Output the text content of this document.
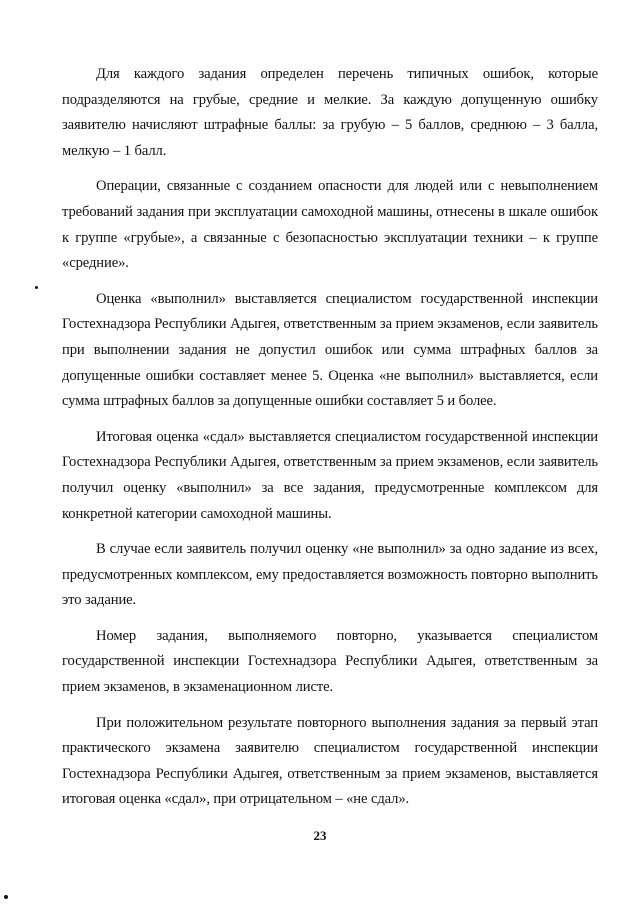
Для каждого задания определен перечень типичных ошибок, которые подразделяются на грубые, средние и мелкие. За каждую допущенную ошибку заявителю начисляют штрафные баллы: за грубую – 5 баллов, среднюю – 3 балла, мелкую – 1 балл.

Операции, связанные с созданием опасности для людей или с невыполнением требований задания при эксплуатации самоходной машины, отнесены в шкале ошибок к группе «грубые», а связанные с безопасностью эксплуатации техники – к группе «средние».

Оценка «выполнил» выставляется специалистом государственной инспекции Гостехнадзора Республики Адыгея, ответственным за прием экзаменов, если заявитель при выполнении задания не допустил ошибок или сумма штрафных баллов за допущенные ошибки составляет менее 5. Оценка «не выполнил» выставляется, если сумма штрафных баллов за допущенные ошибки составляет 5 и более.

Итоговая оценка «сдал» выставляется специалистом государственной инспекции Гостехнадзора Республики Адыгея, ответственным за прием экзаменов, если заявитель получил оценку «выполнил» за все задания, предусмотренные комплексом для конкретной категории самоходной машины.

В случае если заявитель получил оценку «не выполнил» за одно задание из всех, предусмотренных комплексом, ему предоставляется возможность повторно выполнить это задание.

Номер задания, выполняемого повторно, указывается специалистом государственной инспекции Гостехнадзора Республики Адыгея, ответственным за прием экзаменов, в экзаменационном листе.

При положительном результате повторного выполнения задания за первый этап практического экзамена заявителю специалистом государственной инспекции Гостехнадзора Республики Адыгея, ответственным за прием экзаменов, выставляется итоговая оценка «сдал», при отрицательном – «не сдал».

23
